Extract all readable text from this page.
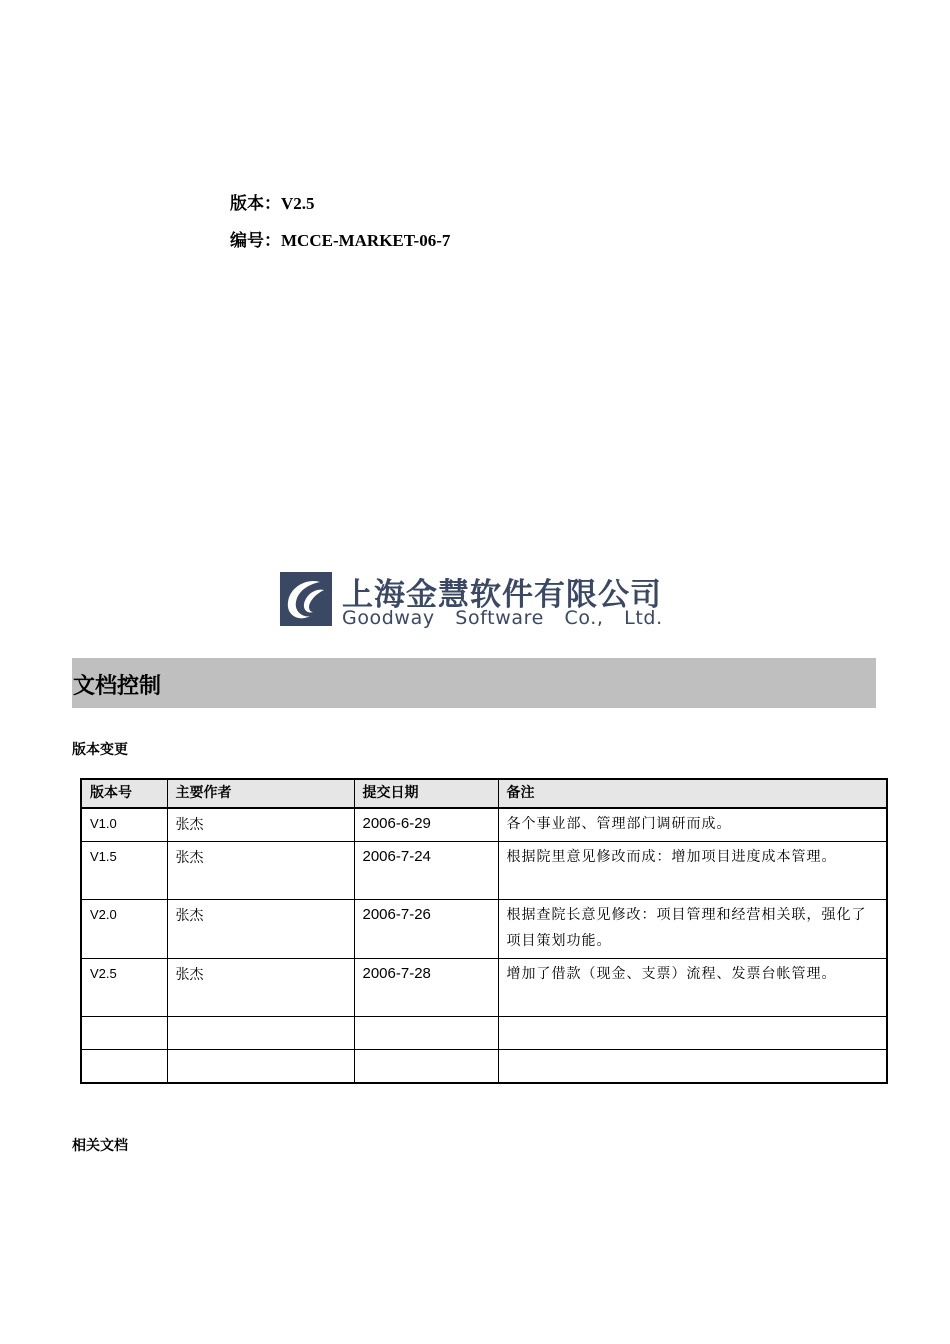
版本：V2.5
编号：MCCE-MARKET-06-7
上海金慧软件有限公司
Goodway Software Co., Ltd.
文档控制
版本变更
版本号	主要作者	提交日期	备注
V1.0	张杰	2006-6-29	各个事业部、管理部门调研而成。
V1.5	张杰	2006-7-24	根据院里意见修改而成：增加项目进度成本管理。
V2.0	张杰	2006-7-26	根据查院长意见修改：项目管理和经营相关联，强化了项目策划功能。
V2.5	张杰	2006-7-28	增加了借款（现金、支票）流程、发票台帐管理。

相关文档
